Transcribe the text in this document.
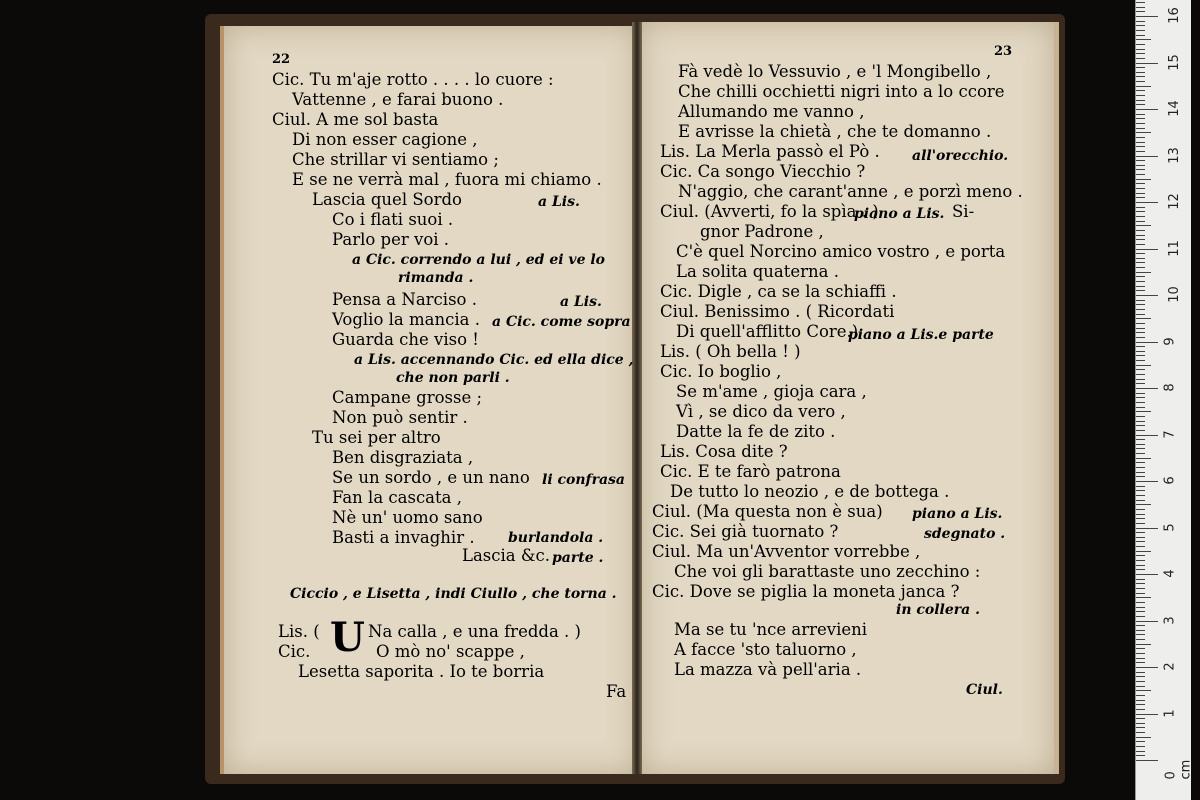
22
23
U
Cic. Tu m'aje rotto . . . . lo cuore :
Vattenne , e farai buono .
Ciul. A me sol basta
Di non esser cagione ,
Che strillar vi sentiamo ;
E se ne verrà mal , fuora mi chiamo .
Lascia quel Sordo
Co i flati suoi .
Parlo per voi .
Pensa a Narciso .
Voglio la mancia .
Guarda che viso !
Campane grosse ;
Non può sentir .
Tu sei per altro
Ben disgraziata ,
Se un sordo , e un nano
Fan la cascata ,
Nè un' uomo sano
Basti a invaghir .
Lascia &c.
Lis. (	Na calla , e una fredda . )
Cic.	O mò no' scappe ,
Lesetta saporita . Io te borria
Fa
a Lis.
a Cic. correndo a lui , ed ei ve lo
rimanda .
a Lis.
a Cic. come sopra
a Lis. accennando Cic. ed ella dice ,
che non parli .
li confrasa
burlandola .
parte .
Ciccio , e Lisetta , indi Ciullo , che torna .
Fà vedè lo Vessuvio , e 'l Mongibello ,
Che chilli occhietti nigri into a lo ccore
Allumando me vanno ,
E avrisse la chietà , che te domanno .
Lis. La Merla passò el Pò .
Cic. Ca songo Viecchio ?
N'aggio, che carant'anne , e porzì meno .
Ciul. (Avverti, fo la spìa . )	Si-
gnor Padrone ,
C'è quel Norcino amico vostro , e porta
La solita quaterna .
Cic. Digle , ca se la schiaffi .
Ciul. Benissimo . ( Ricordati
Di quell'afflitto Core.)
Lis. ( Oh bella ! )
Cic. Io boglio ,
Se m'ame , gioja cara ,
Vì , se dico da vero ,
Datte la fe de zito .
Lis. Cosa dite ?
Cic. E te farò patrona
De tutto lo neozio , e de bottega .
Ciul. (Ma questa non è sua)
Cic. Sei già tuornato ?
Ciul. Ma un'Avventor vorrebbe ,
Che voi gli barattaste uno zecchino :
Cic. Dove se piglia la moneta janca ?
Ma se tu 'nce arrevieni
A facce 'sto taluorno ,
La mazza và pell'aria .
all'orecchio.
piano a Lis.
piano a Lis.e parte
piano a Lis.
sdegnato .
in collera .
Ciul.
0 cm
1
2
3
4
5
6
7
8
9
10
11
12
13
14
15
16
